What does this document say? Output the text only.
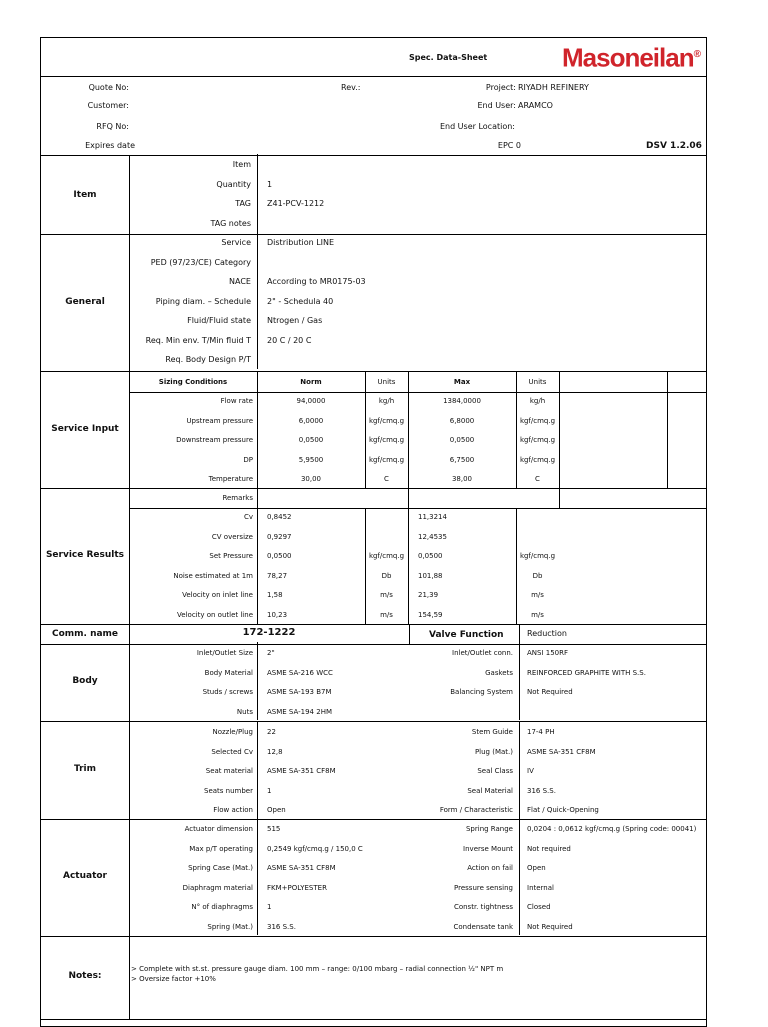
Spec. Data-Sheet	Masoneilan®
Quote No:	Rev.:	Project: RIYADH REFINERY
Customer:	End User: ARAMCO
RFQ No:	End User Location:
Expires date	EPC 0	DSV 1.2.06
Item
Item
Quantity 1
TAG Z41-PCV-1212
TAG notes
General
Service Distribution LINE
PED (97/23/CE) Category
NACE According to MR0175-03
Piping diam. – Schedule 2" - Schedula 40
Fluid/Fluid state Ntrogen / Gas
Req. Min env. T/Min fluid T 20 C / 20 C
Req. Body Design P/T
Service Input
Sizing Conditions	Norm	Units	Max	Units
Flow rate	94,0000	kg/h	1384,0000	kg/h
Upstream pressure	6,0000	kgf/cmq.g	6,8000	kgf/cmq.g
Downstream pressure	0,0500	kgf/cmq.g	0,0500	kgf/cmq.g
DP	5,9500	kgf/cmq.g	6,7500	kgf/cmq.g
Temperature	30,00	C	38,00	C
Service Results
Remarks
Cv 0,8452	11,3214
CV oversize 0,9297	12,4535
Set Pressure 0,0500	kgf/cmq.g	0,0500	kgf/cmq.g
Noise estimated at 1m 78,27	Db	101,88	Db
Velocity on inlet line 1,58	m/s	21,39	m/s
Velocity on outlet line 10,23	m/s	154,59	m/s
Comm. name	172-1222	Valve Function	Reduction
Body
Inlet/Outlet Size 2"	Inlet/Outlet conn. ANSI 150RF
Body Material ASME SA-216 WCC	Gaskets REINFORCED GRAPHITE WITH S.S.
Studs / screws ASME SA-193 B7M	Balancing System Not Required
Nuts ASME SA-194 2HM
Trim
Nozzle/Plug 22	Stem Guide 17-4 PH
Selected Cv 12,8	Plug (Mat.) ASME SA-351 CF8M
Seat material ASME SA-351 CF8M	Seal Class IV
Seats number 1	Seal Material 316 S.S.
Flow action Open	Form / Characteristic Flat / Quick-Opening
Actuator
Actuator dimension 515	Spring Range 0,0204 : 0,0612 kgf/cmq.g (Spring code: 00041)
Max p/T operating 0,2549 kgf/cmq.g / 150,0 C	Inverse Mount Not required
Spring Case (Mat.) ASME SA-351 CF8M	Action on fail Open
Diaphragm material FKM+POLYESTER	Pressure sensing Internal
N° of diaphragms 1	Constr. tightness Closed
Spring (Mat.) 316 S.S.	Condensate tank Not Required
Notes:
> Complete with st.st. pressure gauge diam. 100 mm – range: 0/100 mbarg – radial connection ½" NPT m
> Oversize factor +10%
